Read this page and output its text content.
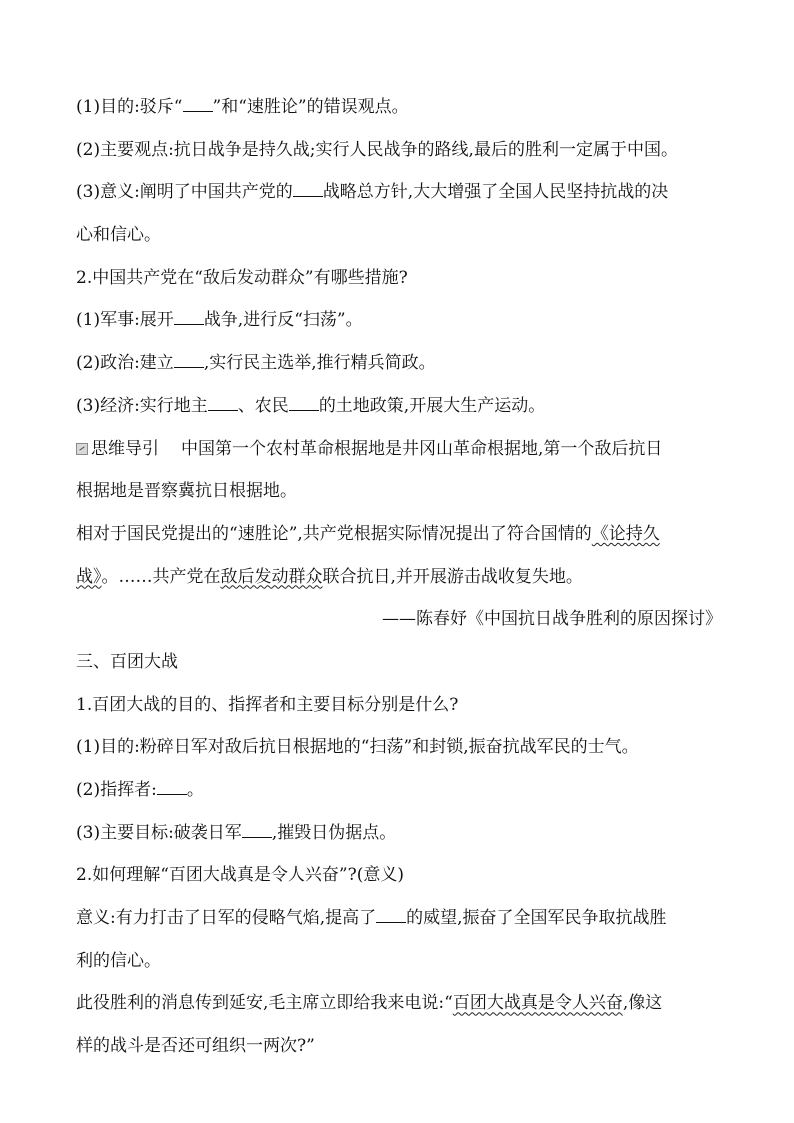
(1)目的:驳斥“ ”和“速胜论”的错误观点。
(2)主要观点:抗日战争是持久战;实行人民战争的路线,最后的胜利一定属于中国。
(3)意义:阐明了中国共产党的 战略总方针,大大增强了全国人民坚持抗战的决
心和信心。
2.中国共产党在“敌后发动群众”有哪些措施?
(1)军事:展开 战争,进行反“扫荡”。
(2)政治:建立 ,实行民主选举,推行精兵简政。
(3)经济:实行地主 、农民 的土地政策,开展大生产运动。
思维导引 中国第一个农村革命根据地是井冈山革命根据地,第一个敌后抗日
根据地是晋察冀抗日根据地。
相对于国民党提出的“速胜论”,共产党根据实际情况提出了符合国情的《论持久
战》。……共产党在敌后发动群众联合抗日,并开展游击战收复失地。
——陈春妤《中国抗日战争胜利的原因探讨》
三、百团大战
1.百团大战的目的、指挥者和主要目标分别是什么?
(1)目的:粉碎日军对敌后抗日根据地的“扫荡”和封锁,振奋抗战军民的士气。
(2)指挥者: 。
(3)主要目标:破袭日军 ,摧毁日伪据点。
2.如何理解“百团大战真是令人兴奋”?(意义)
意义:有力打击了日军的侵略气焰,提高了 的威望,振奋了全国军民争取抗战胜
利的信心。
此役胜利的消息传到延安,毛主席立即给我来电说:“百团大战真是令人兴奋,像这
样的战斗是否还可组织一两次?”
